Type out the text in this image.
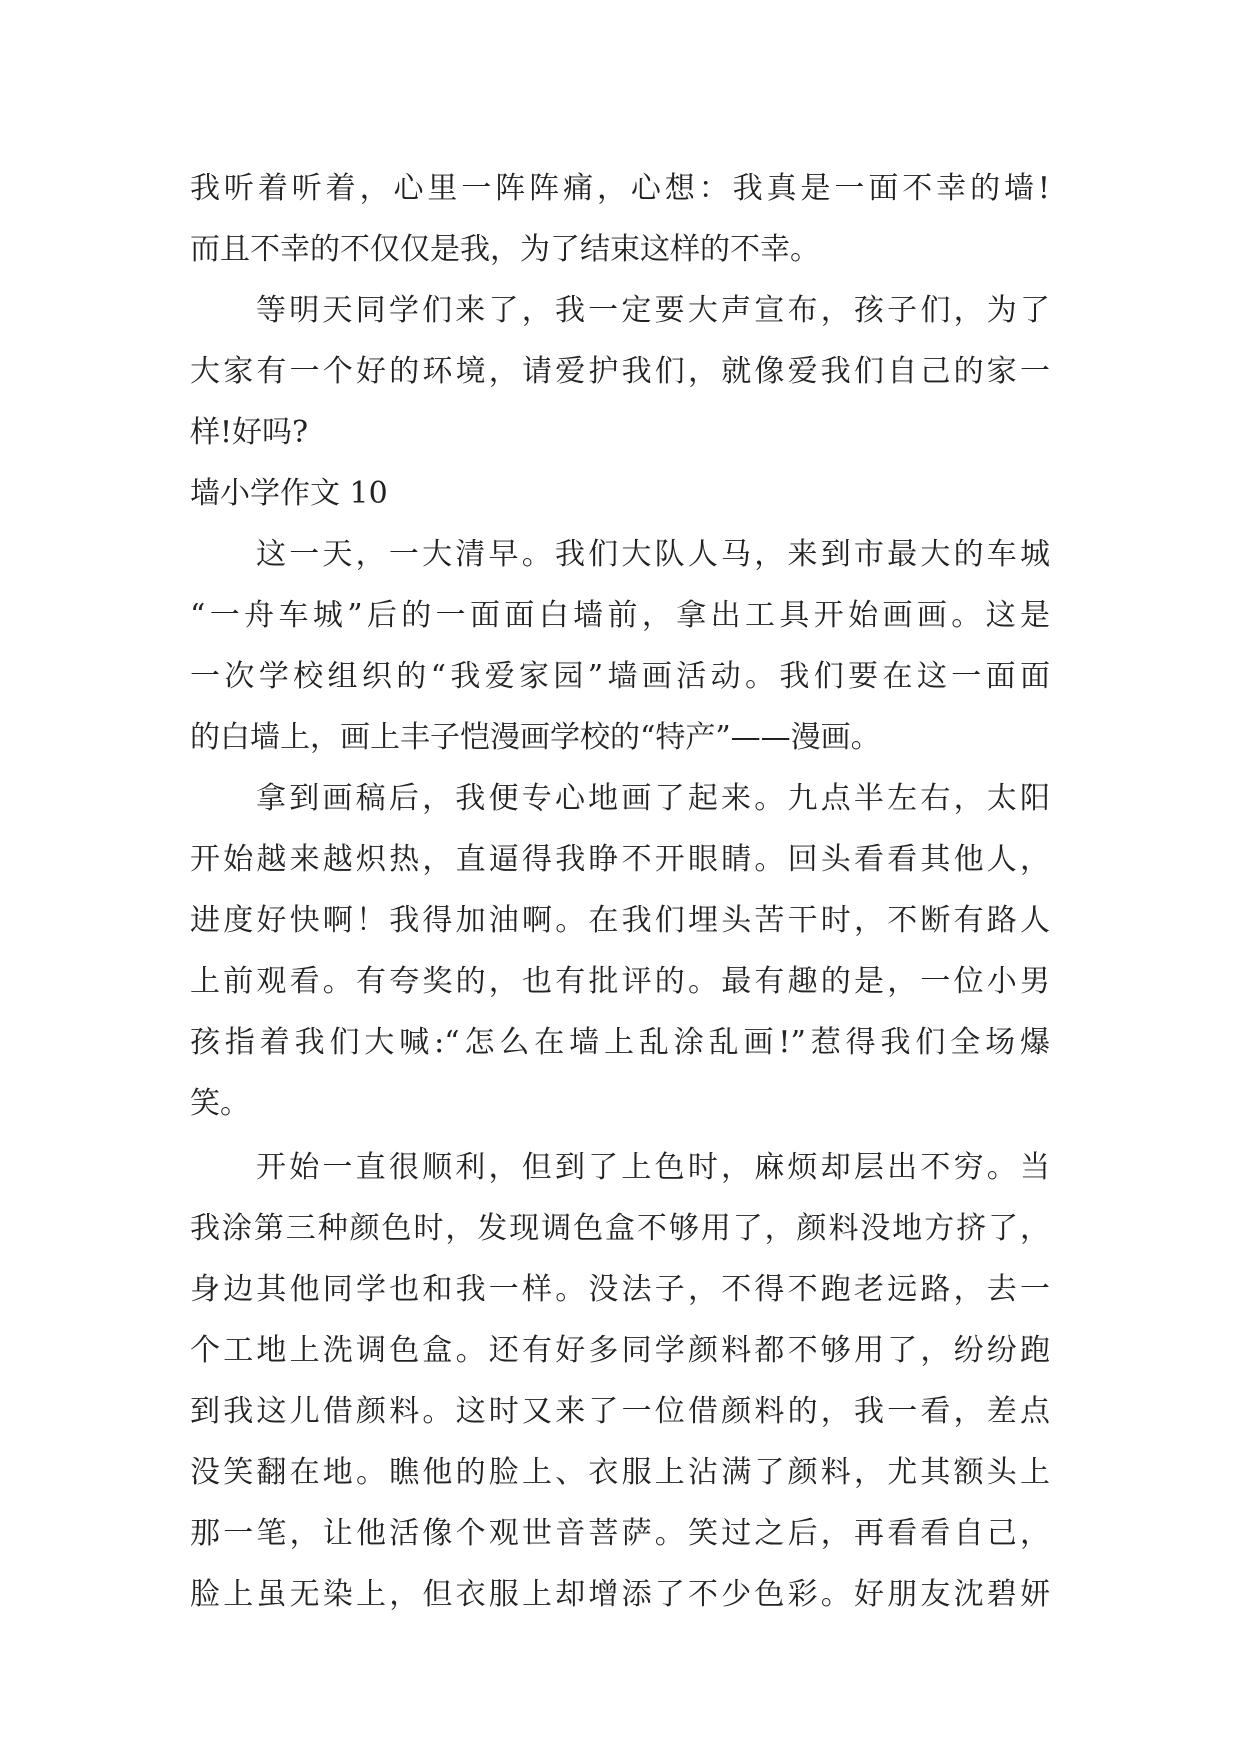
我听着听着，心里一阵阵痛，心想：我真是一面不幸的墙!
而且不幸的不仅仅是我，为了结束这样的不幸。
等明天同学们来了，我一定要大声宣布，孩子们，为了
大家有一个好的环境，请爱护我们，就像爱我们自己的家一
样!好吗?
墙小学作文 10
这一天，一大清早。我们大队人马，来到市最大的车城
“一舟车城”后的一面面白墙前，拿出工具开始画画。这是
一次学校组织的“我爱家园”墙画活动。我们要在这一面面
的白墙上，画上丰子恺漫画学校的“特产”——漫画。
拿到画稿后，我便专心地画了起来。九点半左右，太阳
开始越来越炽热，直逼得我睁不开眼睛。回头看看其他人，
进度好快啊！我得加油啊。在我们埋头苦干时，不断有路人
上前观看。有夸奖的，也有批评的。最有趣的是，一位小男
孩指着我们大喊:“怎么在墙上乱涂乱画!”惹得我们全场爆
笑。
开始一直很顺利，但到了上色时，麻烦却层出不穷。当
我涂第三种颜色时，发现调色盒不够用了，颜料没地方挤了，
身边其他同学也和我一样。没法子，不得不跑老远路，去一
个工地上洗调色盒。还有好多同学颜料都不够用了，纷纷跑
到我这儿借颜料。这时又来了一位借颜料的，我一看，差点
没笑翻在地。瞧他的脸上、衣服上沾满了颜料，尤其额头上
那一笔，让他活像个观世音菩萨。笑过之后，再看看自己，
脸上虽无染上，但衣服上却增添了不少色彩。好朋友沈碧妍
